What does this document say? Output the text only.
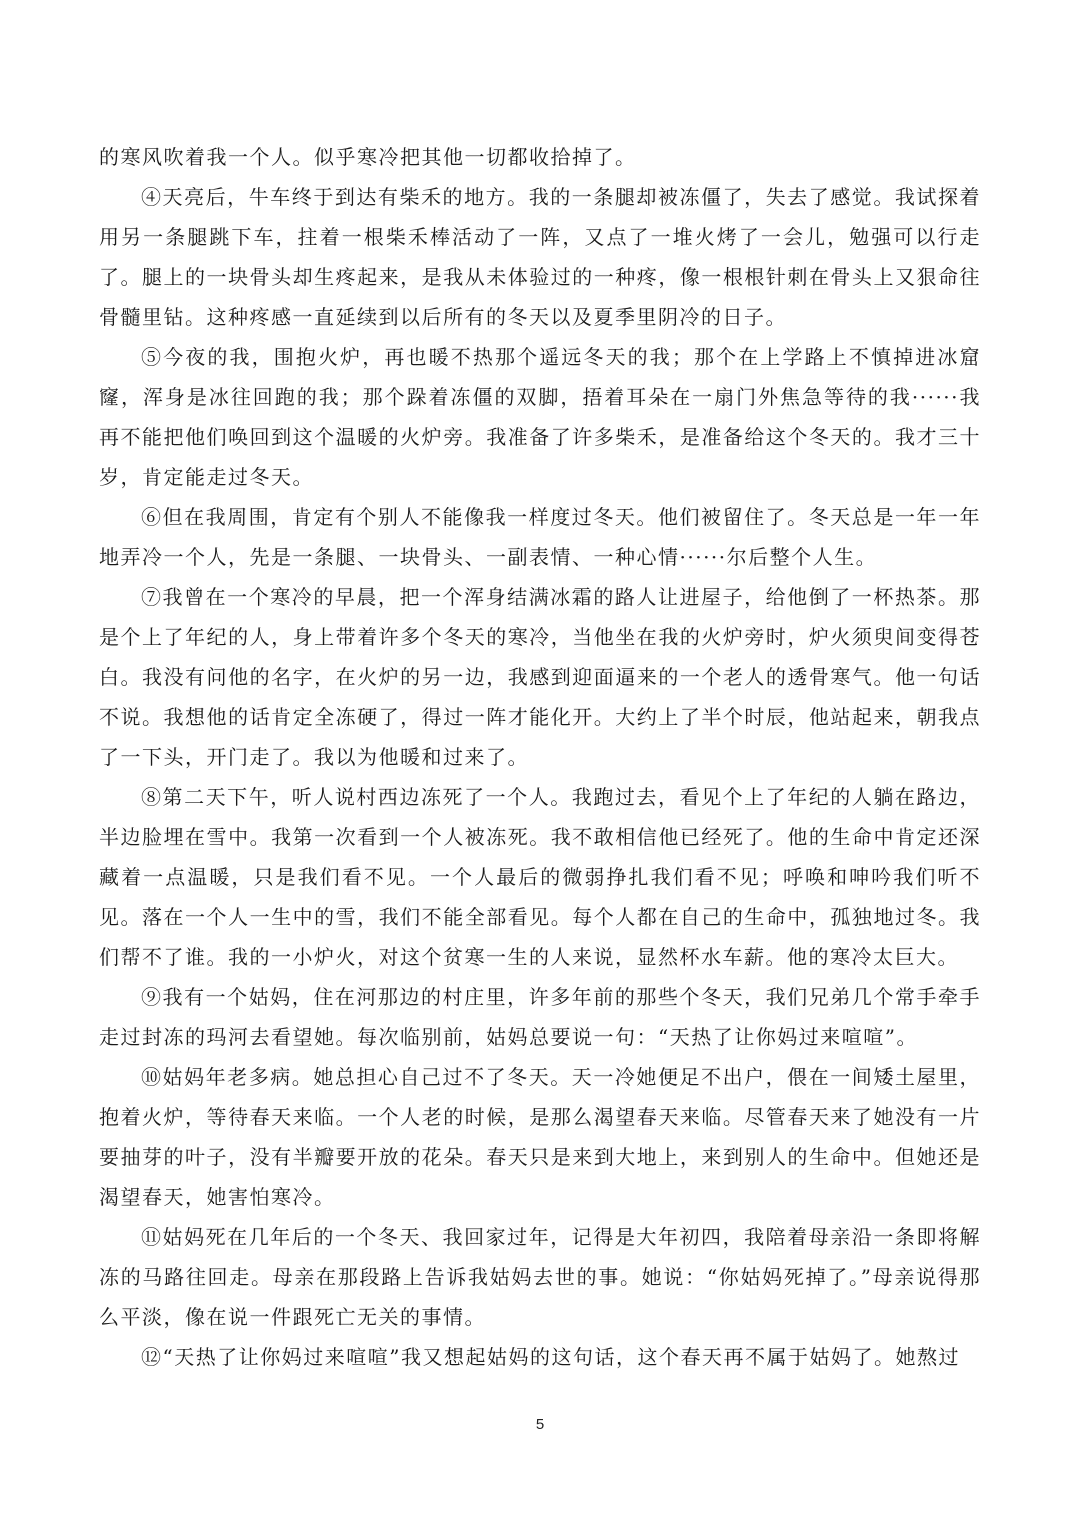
的寒风吹着我一个人。似乎寒冷把其他一切都收拾掉了。

④天亮后，牛车终于到达有柴禾的地方。我的一条腿却被冻僵了，失去了感觉。我试探着用另一条腿跳下车，拄着一根柴禾棒活动了一阵，又点了一堆火烤了一会儿，勉强可以行走了。腿上的一块骨头却生疼起来，是我从未体验过的一种疼，像一根根针刺在骨头上又狠命往骨髓里钻。这种疼感一直延续到以后所有的冬天以及夏季里阴冷的日子。

⑤今夜的我，围抱火炉，再也暖不热那个遥远冬天的我；那个在上学路上不慎掉进冰窟窿，浑身是冰往回跑的我；那个跺着冻僵的双脚，捂着耳朵在一扇门外焦急等待的我······我再不能把他们唤回到这个温暖的火炉旁。我准备了许多柴禾，是准备给这个冬天的。我才三十岁，肯定能走过冬天。

⑥但在我周围，肯定有个别人不能像我一样度过冬天。他们被留住了。冬天总是一年一年地弄冷一个人，先是一条腿、一块骨头、一副表情、一种心情······尔后整个人生。

⑦我曾在一个寒冷的早晨，把一个浑身结满冰霜的路人让进屋子，给他倒了一杯热茶。那是个上了年纪的人，身上带着许多个冬天的寒冷，当他坐在我的火炉旁时，炉火须臾间变得苍白。我没有问他的名字，在火炉的另一边，我感到迎面逼来的一个老人的透骨寒气。他一句话不说。我想他的话肯定全冻硬了，得过一阵才能化开。大约上了半个时辰，他站起来，朝我点了一下头，开门走了。我以为他暖和过来了。

⑧第二天下午，听人说村西边冻死了一个人。我跑过去，看见个上了年纪的人躺在路边，半边脸埋在雪中。我第一次看到一个人被冻死。我不敢相信他已经死了。他的生命中肯定还深藏着一点温暖，只是我们看不见。一个人最后的微弱挣扎我们看不见；呼唤和呻吟我们听不见。落在一个人一生中的雪，我们不能全部看见。每个人都在自己的生命中，孤独地过冬。我们帮不了谁。我的一小炉火，对这个贫寒一生的人来说，显然杯水车薪。他的寒冷太巨大。

⑨我有一个姑妈，住在河那边的村庄里，许多年前的那些个冬天，我们兄弟几个常手牵手走过封冻的玛河去看望她。每次临别前，姑妈总要说一句：“天热了让你妈过来喧喧”。

⑩姑妈年老多病。她总担心自己过不了冬天。天一冷她便足不出户，偎在一间矮土屋里，抱着火炉，等待春天来临。一个人老的时候，是那么渴望春天来临。尽管春天来了她没有一片要抽芽的叶子，没有半瓣要开放的花朵。春天只是来到大地上，来到别人的生命中。但她还是渴望春天，她害怕寒冷。

⑪姑妈死在几年后的一个冬天、我回家过年，记得是大年初四，我陪着母亲沿一条即将解冻的马路往回走。母亲在那段路上告诉我姑妈去世的事。她说：“你姑妈死掉了。”母亲说得那么平淡，像在说一件跟死亡无关的事情。

⑫“天热了让你妈过来喧喧”我又想起姑妈的这句话，这个春天再不属于姑妈了。她熬过

5
